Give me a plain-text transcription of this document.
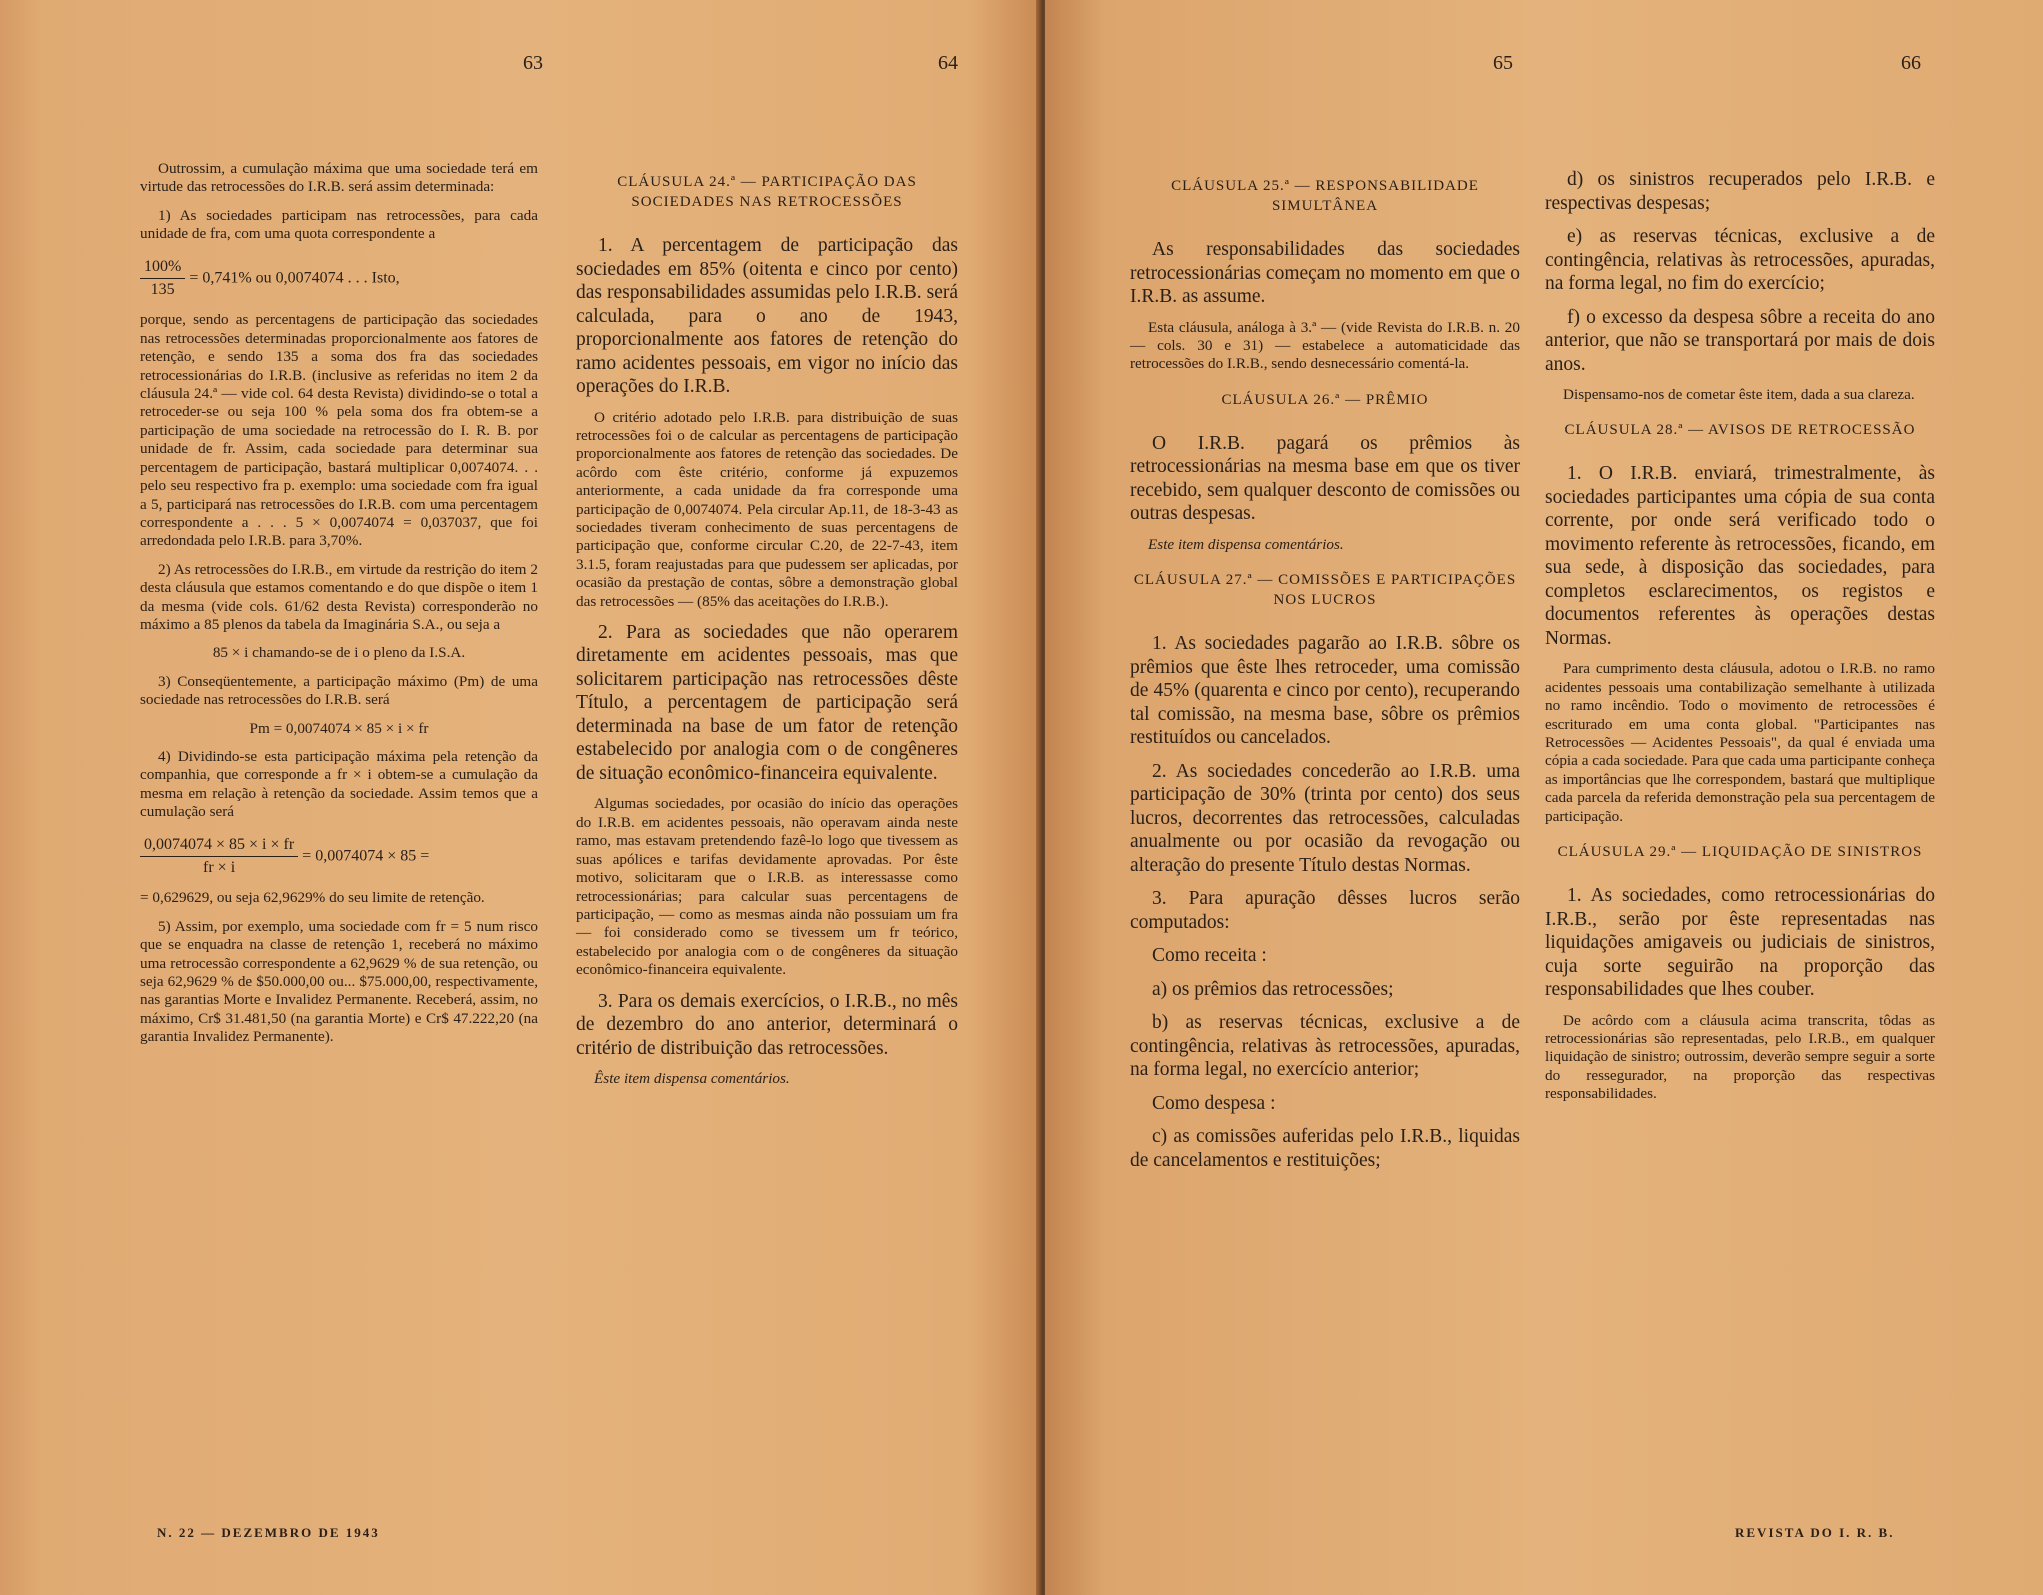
63	64

Outrossim, a cumulação máxima que uma sociedade terá em virtude das retrocessões do I.R.B. será assim determinada:

1) As sociedades participam nas retrocessões, para cada unidade de fra, com uma quota correspondente a

$\frac{100\%}{135} = 0,741\%$ ou 0,0074074 . . . Isto,

porque, sendo as percentagens de participação das sociedades nas retrocessões determinadas proporcionalmente aos fatores de retenção, e sendo 135 a soma dos fra das sociedades retrocessionárias do I.R.B. (inclusive as referidas no item 2 da cláusula 24.ª — vide col. 64 desta Revista) dividindo-se o total a retroceder-se ou seja 100 % pela soma dos fra obtem-se a participação de uma sociedade na retrocessão do I. R. B. por unidade de fr. Assim, cada sociedade para determinar sua percentagem de participação, bastará multiplicar 0,0074074. . . pelo seu respectivo fra p. exemplo: uma sociedade com fra igual a 5, participará nas retrocessões do I.R.B. com uma percentagem correspondente a . . . 5 × 0,0074074 = 0,037037, que foi arredondada pelo I.R.B. para 3,70%.

2) As retrocessões do I.R.B., em virtude da restrição do item 2 desta cláusula que estamos comentando e do que dispõe o item 1 da mesma (vide cols. 61/62 desta Revista) corresponderão no máximo a 85 plenos da tabela da Imaginária S.A., ou seja a

85 × i chamando-se de i o pleno da I.S.A.

3) Conseqüentemente, a participação máximo (Pm) de uma sociedade nas retrocessões do I.R.B. será

Pm = 0,0074074 × 85 × i × fr

4) Dividindo-se esta participação máxima pela retenção da companhia, que corresponde a fr × i obtem-se a cumulação da mesma em relação à retenção da sociedade. Assim temos que a cumulação será

$\frac{0,0074074 \times 85 \times i \times fr}{fr \times i} = 0,0074074 \times 85$ =

= 0,629629, ou seja 62,9629% do seu limite de retenção.

5) Assim, por exemplo, uma sociedade com fr = 5 num risco que se enquadra na classe de retenção 1, receberá no máximo uma retrocessão correspondente a 62,9629 % de sua retenção, ou seja 62,9629 % de $50.000,00 ou... $75.000,00, respectivamente, nas garantias Morte e Invalidez Permanente. Receberá, assim, no máximo, Cr$ 31.481,50 (na garantia Morte) e Cr$ 47.222,20 (na garantia Invalidez Permanente).

CLÁUSULA 24.ª — PARTICIPAÇÃO DAS SOCIEDADES NAS RETROCESSÕES

1. A percentagem de participação das sociedades em 85% (oitenta e cinco por cento) das responsabilidades assumidas pelo I.R.B. será calculada, para o ano de 1943, proporcionalmente aos fatores de retenção do ramo acidentes pessoais, em vigor no início das operações do I.R.B.

O critério adotado pelo I.R.B. para distribuição de suas retrocessões foi o de calcular as percentagens de participação proporcionalmente aos fatores de retenção das sociedades. De acôrdo com êste critério, conforme já expuzemos anteriormente, a cada unidade da fra corresponde uma participação de 0,0074074. Pela circular Ap.11, de 18-3-43 as sociedades tiveram conhecimento de suas percentagens de participação que, conforme circular C.20, de 22-7-43, item 3.1.5, foram reajustadas para que pudessem ser aplicadas, por ocasião da prestação de contas, sôbre a demonstração global das retrocessões — (85% das aceitações do I.R.B.).

2. Para as sociedades que não operarem diretamente em acidentes pessoais, mas que solicitarem participação nas retrocessões dêste Título, a percentagem de participação será determinada na base de um fator de retenção estabelecido por analogia com o de congêneres de situação econômico-financeira equivalente.

Algumas sociedades, por ocasião do início das operações do I.R.B. em acidentes pessoais, não operavam ainda neste ramo, mas estavam pretendendo fazê-lo logo que tivessem as suas apólices e tarifas devidamente aprovadas. Por êste motivo, solicitaram que o I.R.B. as interessasse como retrocessionárias; para calcular suas percentagens de participação, — como as mesmas ainda não possuiam um fra — foi considerado como se tivessem um fr teórico, estabelecido por analogia com o de congêneres da situação econômico-financeira equivalente.

3. Para os demais exercícios, o I.R.B., no mês de dezembro do ano anterior, determinará o critério de distribuição das retrocessões.

Êste item dispensa comentários.

N. 22 — DEZEMBRO DE 1943
65	66

CLÁUSULA 25.ª — RESPONSABILIDADE SIMULTÂNEA

As responsabilidades das sociedades retrocessionárias começam no momento em que o I.R.B. as assume.

Esta cláusula, análoga à 3.ª — (vide Revista do I.R.B. n. 20 — cols. 30 e 31) — estabelece a automaticidade das retrocessões do I.R.B., sendo desnecessário comentá-la.

CLÁUSULA 26.ª — PRÊMIO

O I.R.B. pagará os prêmios às retrocessionárias na mesma base em que os tiver recebido, sem qualquer desconto de comissões ou outras despesas.

Este item dispensa comentários.

CLÁUSULA 27.ª — COMISSÕES E PARTICIPAÇÕES NOS LUCROS

1. As sociedades pagarão ao I.R.B. sôbre os prêmios que êste lhes retroceder, uma comissão de 45% (quarenta e cinco por cento), recuperando tal comissão, na mesma base, sôbre os prêmios restituídos ou cancelados.

2. As sociedades concederão ao I.R.B. uma participação de 30% (trinta por cento) dos seus lucros, decorrentes das retrocessões, calculadas anualmente ou por ocasião da revogação ou alteração do presente Título destas Normas.

3. Para apuração dêsses lucros serão computados:

Como receita :

a) os prêmios das retrocessões;

b) as reservas técnicas, exclusive a de contingência, relativas às retrocessões, apuradas, na forma legal, no exercício anterior;

Como despesa :

c) as comissões auferidas pelo I.R.B., liquidas de cancelamentos e restituições;

d) os sinistros recuperados pelo I.R.B. e respectivas despesas;

e) as reservas técnicas, exclusive a de contingência, relativas às retrocessões, apuradas, na forma legal, no fim do exercício;

f) o excesso da despesa sôbre a receita do ano anterior, que não se transportará por mais de dois anos.

Dispensamo-nos de cometar êste item, dada a sua clareza.

CLÁUSULA 28.ª — AVISOS DE RETROCESSÃO

1. O I.R.B. enviará, trimestralmente, às sociedades participantes uma cópia de sua conta corrente, por onde será verificado todo o movimento referente às retrocessões, ficando, em sua sede, à disposição das sociedades, para completos esclarecimentos, os registos e documentos referentes às operações destas Normas.

Para cumprimento desta cláusula, adotou o I.R.B. no ramo acidentes pessoais uma contabilização semelhante à utilizada no ramo incêndio. Todo o movimento de retrocessões é escriturado em uma conta global. "Participantes nas Retrocessões — Acidentes Pessoais", da qual é enviada uma cópia a cada sociedade. Para que cada uma participante conheça as importâncias que lhe correspondem, bastará que multiplique cada parcela da referida demonstração pela sua percentagem de participação.

CLÁUSULA 29.ª — LIQUIDAÇÃO DE SINISTROS

1. As sociedades, como retrocessionárias do I.R.B., serão por êste representadas nas liquidações amigaveis ou judiciais de sinistros, cuja sorte seguirão na proporção das responsabilidades que lhes couber.

De acôrdo com a cláusula acima transcrita, tôdas as retrocessionárias são representadas, pelo I.R.B., em qualquer liquidação de sinistro; outrossim, deverão sempre seguir a sorte do ressegurador, na proporção das respectivas responsabilidades.

REVISTA DO I. R. B.
